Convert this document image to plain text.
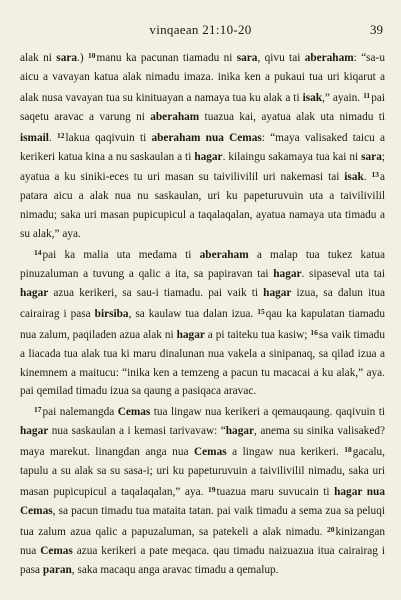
vinqaean 21:10-20	39

alak ni sara.) $^{10}$manu ka pacunan tiamadu ni sara, qivu tai aberaham: “sa-u aicu a vavayan katua alak nimadu imaza. inika ken a pukaui tua uri kiqarut a alak nusa vavayan tua su kinituayan a namaya tua ku alak a ti isak,” ayain. $^{11}$pai saqetu aravac a varung ni aberaham tuazua kai, ayatua alak uta nimadu ti ismail. $^{12}$lakua qaqivuin ti aberaham nua Cemas: “maya valisaked taicu a kerikeri katua kina a nu saskaulan a ti hagar. kilaingu sakamaya tua kai ni sara; ayatua a ku siniki-eces tu uri masan su taivilivilil uri nakemasi tai isak. $^{13}$a patara aicu a alak nua nu saskaulan, uri ku papeturuvuin uta a taivilivilil nimadu; saka uri masan pupicupicul a taqalaqalan, ayatua namaya uta timadu a su alak,” aya.

$^{14}$pai ka malia uta medama ti aberaham a malap tua tukez katua pinuzaluman a tuvung a qalic a ita, sa papiravan tai hagar. sipaseval uta tai hagar azua kerikeri, sa sau-i tiamadu. pai vaik ti hagar izua, sa dalun itua cairairag i pasa birsiba, sa kaulaw tua dalan izua. $^{15}$qau ka kapulatan tiamadu nua zalum, paqiladen azua alak ni hagar a pi taiteku tua kasiw; $^{16}$sa vaik timadu a liacada tua alak tua ki maru dinalunan nua vakela a sinipanaq, sa qilad izua a kinemnem a maitucu: “inika ken a temzeng a pacun tu macacai a ku alak,” aya. pai qemilad timadu izua sa qaung a pasiqaca aravac.

$^{17}$pai nalemangda Cemas tua lingaw nua kerikeri a qemauqaung. qaqivuin ti hagar nua saskaulan a i kemasi tarivavaw: “hagar, anema su sinika valisaked? maya marekut. linangdan anga nua Cemas a lingaw nua kerikeri. $^{18}$gacalu, tapulu a su alak sa su sasa-i; uri ku papeturuvuin a taivilivilil nimadu, saka uri masan pupicupicul a taqalaqalan,” aya. $^{19}$tuazua maru suvucain ti hagar nua Cemas, sa pacun timadu tua mataita tatan. pai vaik timadu a sema zua sa peluqi tua zalum azua qalic a papuzaluman, sa patekeli a alak nimadu. $^{20}$kinizangan nua Cemas azua kerikeri a pate meqaca. qau timadu naizuazua itua cairairag i pasa paran, saka macaqu anga aravac timadu a qemalup.
